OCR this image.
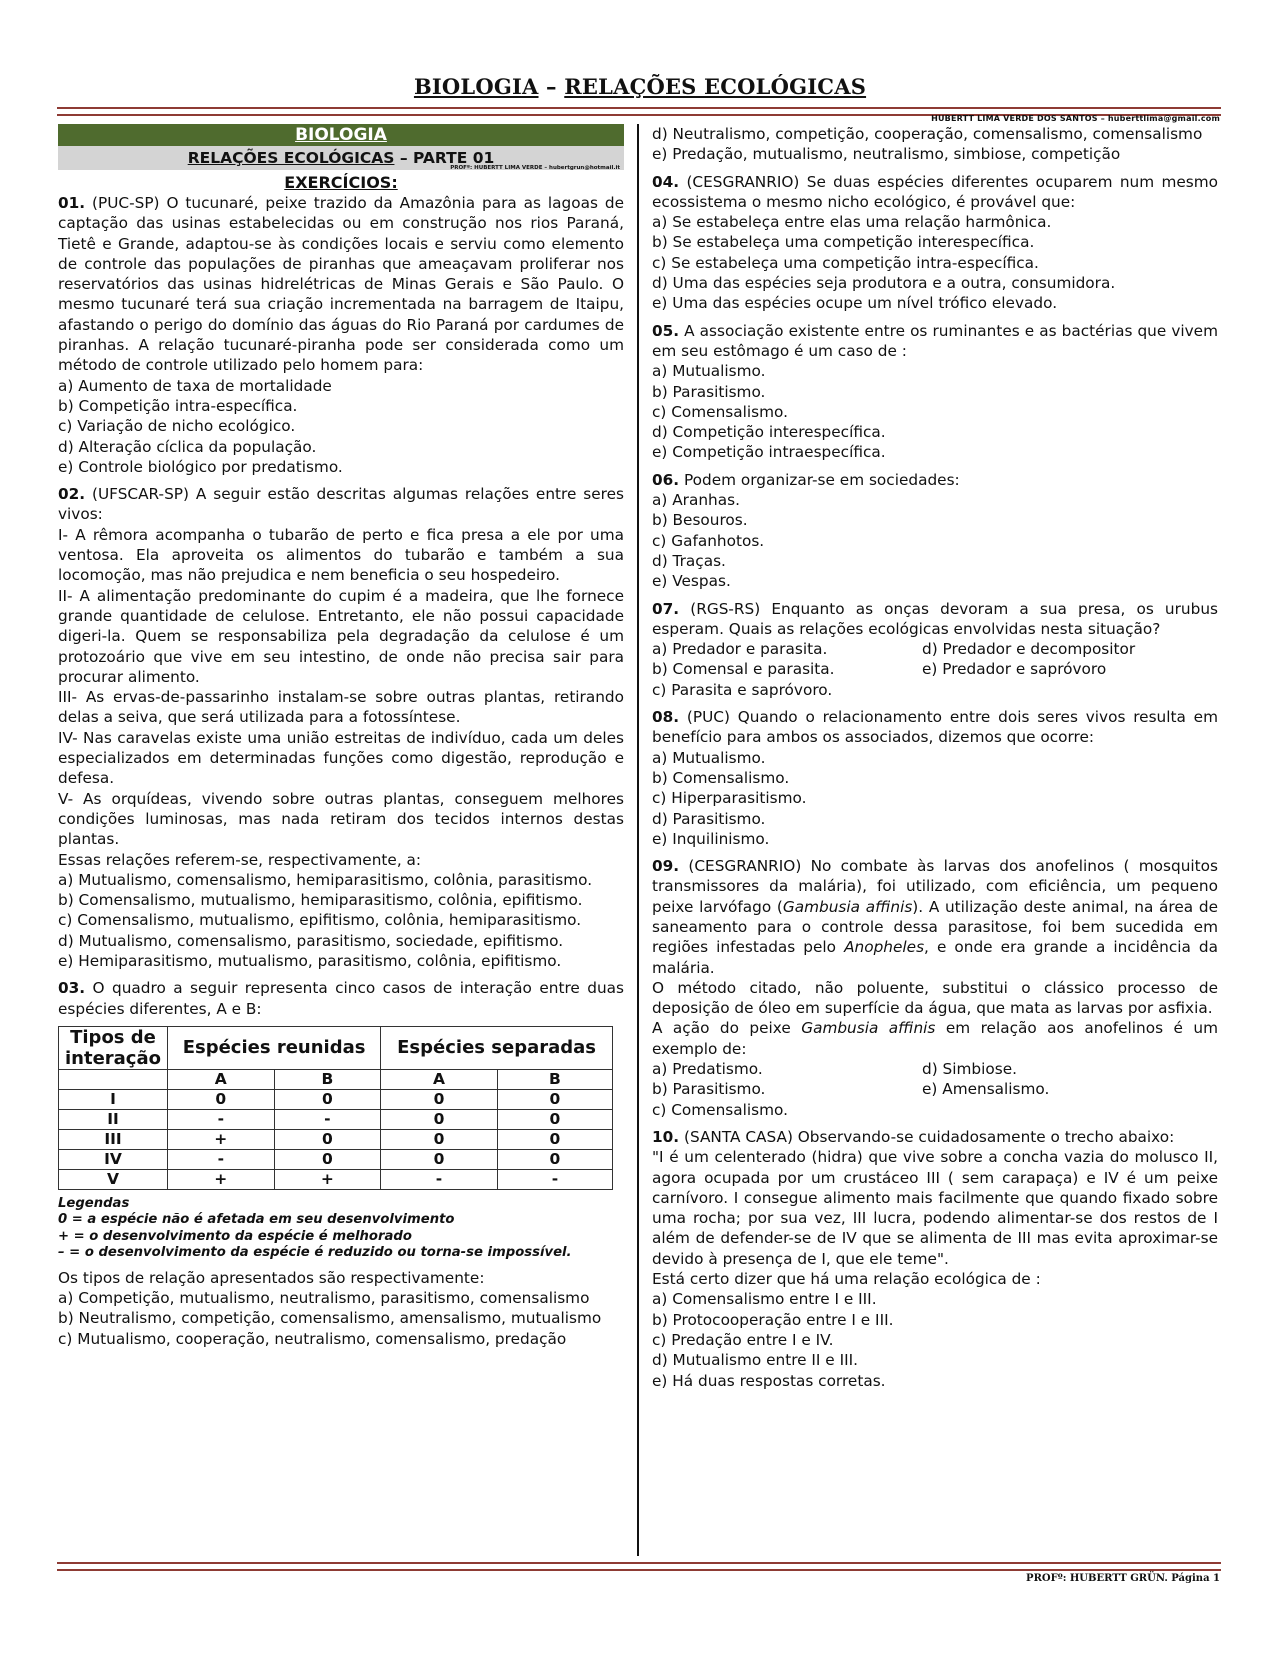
BIOLOGIA – RELAÇÕES ECOLÓGICAS
HUBERTT LIMA VERDE DOS SANTOS – huberttlima@gmail.com
BIOLOGIA
RELAÇÕES ECOLÓGICAS – PARTE 01
PROFº: HUBERTT LIMA VERDE – hubertgrun@hotmail.it
EXERCÍCIOS:

01. (PUC-SP) O tucunaré, peixe trazido da Amazônia para as lagoas de captação das usinas estabelecidas ou em construção nos rios Paraná, Tietê e Grande, adaptou-se às condições locais e serviu como elemento de controle das populações de piranhas que ameaçavam proliferar nos reservatórios das usinas hidrelétricas de Minas Gerais e São Paulo. O mesmo tucunaré terá sua criação incrementada na barragem de Itaipu, afastando o perigo do domínio das águas do Rio Paraná por cardumes de piranhas. A relação tucunaré-piranha pode ser considerada como um método de controle utilizado pelo homem para:

a) Aumento de taxa de mortalidade
b) Competição intra-específica.
c) Variação de nicho ecológico.
d) Alteração cíclica da população.
e) Controle biológico por predatismo.

02. (UFSCAR-SP) A seguir estão descritas algumas relações entre seres vivos:

I- A rêmora acompanha o tubarão de perto e fica presa a ele por uma ventosa. Ela aproveita os alimentos do tubarão e também a sua locomoção, mas não prejudica e nem beneficia o seu hospedeiro.

II- A alimentação predominante do cupim é a madeira, que lhe fornece grande quantidade de celulose. Entretanto, ele não possui capacidade digeri-la. Quem se responsabiliza pela degradação da celulose é um protozoário que vive em seu intestino, de onde não precisa sair para procurar alimento.

III- As ervas-de-passarinho instalam-se sobre outras plantas, retirando delas a seiva, que será utilizada para a fotossíntese.

IV- Nas caravelas existe uma união estreitas de indivíduo, cada um deles especializados em determinadas funções como digestão, reprodução e defesa.

V- As orquídeas, vivendo sobre outras plantas, conseguem melhores condições luminosas, mas nada retiram dos tecidos internos destas plantas.

Essas relações referem-se, respectivamente, a:

a) Mutualismo, comensalismo, hemiparasitismo, colônia, parasitismo.

b) Comensalismo, mutualismo, hemiparasitismo, colônia, epifitismo.

c) Comensalismo, mutualismo, epifitismo, colônia, hemiparasitismo.

d) Mutualismo, comensalismo, parasitismo, sociedade, epifitismo.

e) Hemiparasitismo, mutualismo, parasitismo, colônia, epifitismo.

03. O quadro a seguir representa cinco casos de interação entre duas espécies diferentes, A e B:

Tipos de interação	Espécies reunidas		Espécies separadas	
	A	B	A	B
I	0	0	0	0
II	-	-	0	0
III	+	0	0	0
IV	-	0	0	0
V	+	+	-	-
Legendas
0 = a espécie não é afetada em seu desenvolvimento
+ = o desenvolvimento da espécie é melhorado
– = o desenvolvimento da espécie é reduzido ou torna-se impossível.

Os tipos de relação apresentados são respectivamente:

a) Competição, mutualismo, neutralismo, parasitismo, comensalismo

b) Neutralismo, competição, comensalismo, amensalismo, mutualismo

c) Mutualismo, cooperação, neutralismo, comensalismo, predação

d) Neutralismo, competição, cooperação, comensalismo, comensalismo

e) Predação, mutualismo, neutralismo, simbiose, competição

04. (CESGRANRIO) Se duas espécies diferentes ocuparem num mesmo ecossistema o mesmo nicho ecológico, é provável que:

a) Se estabeleça entre elas uma relação harmônica.
b) Se estabeleça uma competição interespecífica.
c) Se estabeleça uma competição intra-específica.
d) Uma das espécies seja produtora e a outra, consumidora.
e) Uma das espécies ocupe um nível trófico elevado.

05. A associação existente entre os ruminantes e as bactérias que vivem em seu estômago é um caso de :

a) Mutualismo.
b) Parasitismo.
c) Comensalismo.
d) Competição interespecífica.
e) Competição intraespecífica.

06. Podem organizar-se em sociedades:

a) Aranhas.
b) Besouros.
c) Gafanhotos.
d) Traças.
e) Vespas.

07. (RGS-RS) Enquanto as onças devoram a sua presa, os urubus esperam. Quais as relações ecológicas envolvidas nesta situação?

a) Predador e parasita.
b) Comensal e parasita.
c) Parasita e sapróvoro.
d) Predador e decompositor
e) Predador e sapróvoro

08. (PUC) Quando o relacionamento entre dois seres vivos resulta em benefício para ambos os associados, dizemos que ocorre:

a) Mutualismo.
b) Comensalismo.
c) Hiperparasitismo.
d) Parasitismo.
e) Inquilinismo.

09. (CESGRANRIO) No combate às larvas dos anofelinos ( mosquitos transmissores da malária), foi utilizado, com eficiência, um pequeno peixe larvófago (Gambusia affinis). A utilização deste animal, na área de saneamento para o controle dessa parasitose, foi bem sucedida em regiões infestadas pelo Anopheles, e onde era grande a incidência da malária.

O método citado, não poluente, substitui o clássico processo de deposição de óleo em superfície da água, que mata as larvas por asfixia.

A ação do peixe Gambusia affinis em relação aos anofelinos é um exemplo de:

a) Predatismo.
b) Parasitismo.
c) Comensalismo.
d) Simbiose.
e) Amensalismo.

10. (SANTA CASA) Observando-se cuidadosamente o trecho abaixo:

"I é um celenterado (hidra) que vive sobre a concha vazia do molusco II, agora ocupada por um crustáceo III ( sem carapaça) e IV é um peixe carnívoro. I consegue alimento mais facilmente que quando fixado sobre uma rocha; por sua vez, III lucra, podendo alimentar-se dos restos de I além de defender-se de IV que se alimenta de III mas evita aproximar-se devido à presença de I, que ele teme".

Está certo dizer que há uma relação ecológica de :

a) Comensalismo entre I e III.
b) Protocooperação entre I e III.
c) Predação entre I e IV.
d) Mutualismo entre II e III.
e) Há duas respostas corretas.
PROFº: HUBERTT GRÜN. Página 1
